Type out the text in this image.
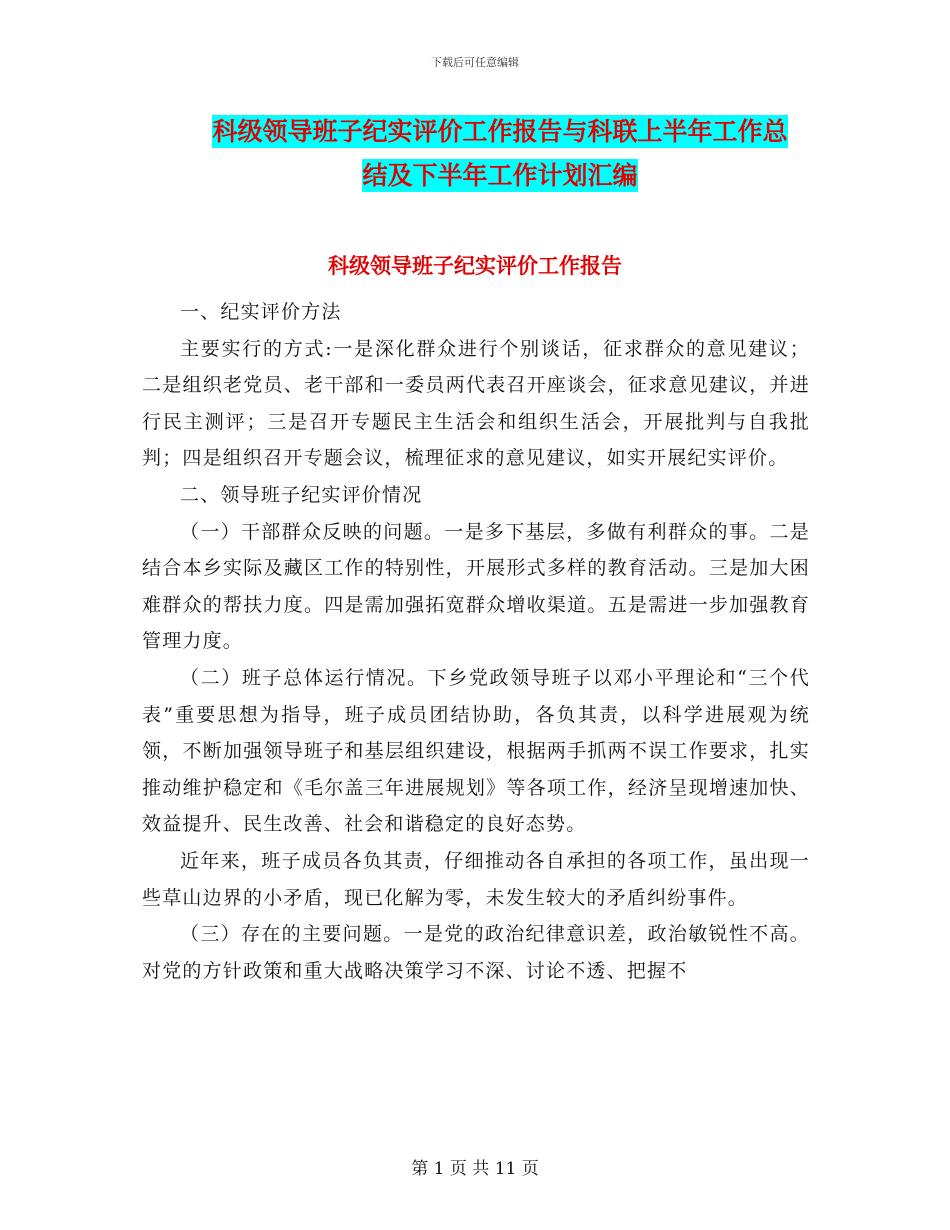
下载后可任意编辑
科级领导班子纪实评价工作报告与科联上半年工作总
结及下半年工作计划汇编
科级领导班子纪实评价工作报告

一、纪实评价方法

主要实行的方式:一是深化群众进行个别谈话，征求群众的意见建议；二是组织老党员、老干部和一委员两代表召开座谈会，征求意见建议，并进行民主测评；三是召开专题民主生活会和组织生活会，开展批判与自我批判；四是组织召开专题会议，梳理征求的意见建议，如实开展纪实评价。

二、领导班子纪实评价情况

（一）干部群众反映的问题。一是多下基层，多做有利群众的事。二是结合本乡实际及藏区工作的特别性，开展形式多样的教育活动。三是加大困难群众的帮扶力度。四是需加强拓宽群众增收渠道。五是需进一步加强教育管理力度。

（二）班子总体运行情况。下乡党政领导班子以邓小平理论和“三个代表”重要思想为指导，班子成员团结协助，各负其责，以科学进展观为统领，不断加强领导班子和基层组织建设，根据两手抓两不误工作要求，扎实推动维护稳定和《毛尔盖三年进展规划》等各项工作，经济呈现增速加快、效益提升、民生改善、社会和谐稳定的良好态势。

近年来，班子成员各负其责，仔细推动各自承担的各项工作，虽出现一些草山边界的小矛盾，现已化解为零，未发生较大的矛盾纠纷事件。

（三）存在的主要问题。一是党的政治纪律意识差，政治敏锐性不高。对党的方针政策和重大战略决策学习不深、讨论不透、把握不

第 1 页 共 11 页
